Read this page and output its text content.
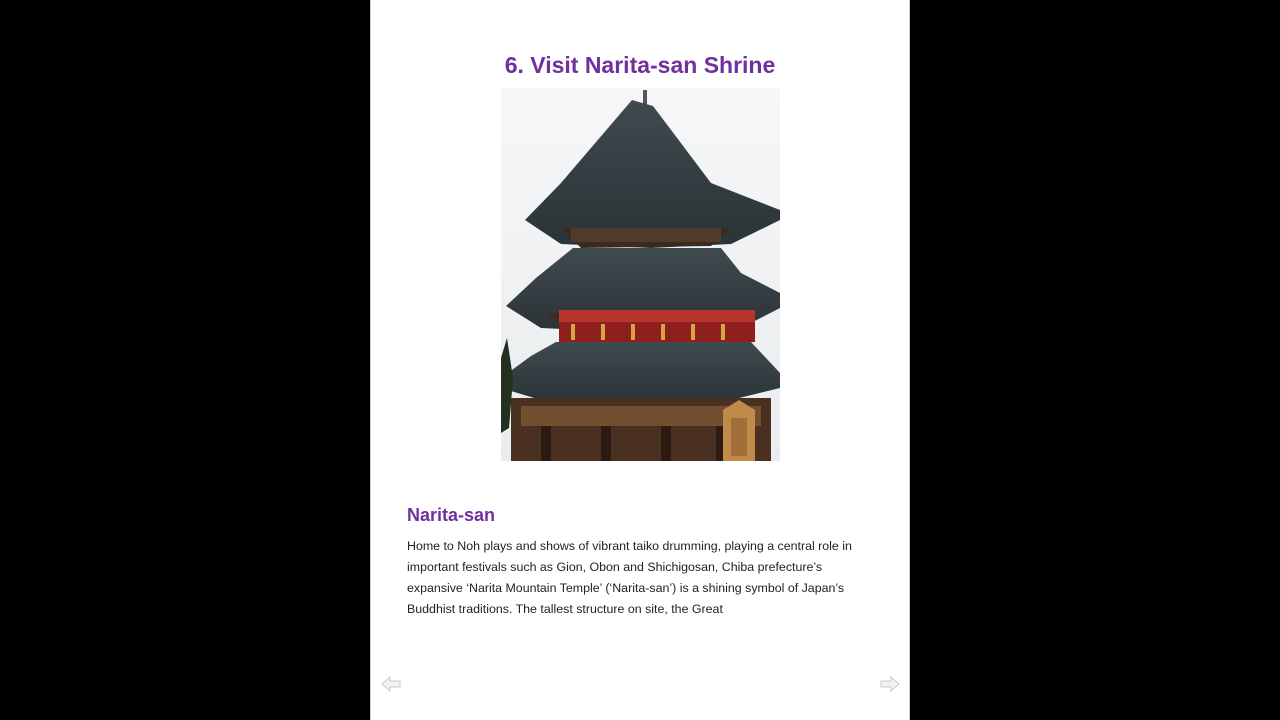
6. Visit Narita-san Shrine
Narita-san

Home to Noh plays and shows of vibrant taiko drumming, playing a central role in important festivals such as Gion, Obon and Shichigosan, Chiba prefecture’s expansive ‘Narita Mountain Temple’ (‘Narita-san’) is a shining symbol of Japan’s Buddhist traditions. The tallest structure on site, the Great
